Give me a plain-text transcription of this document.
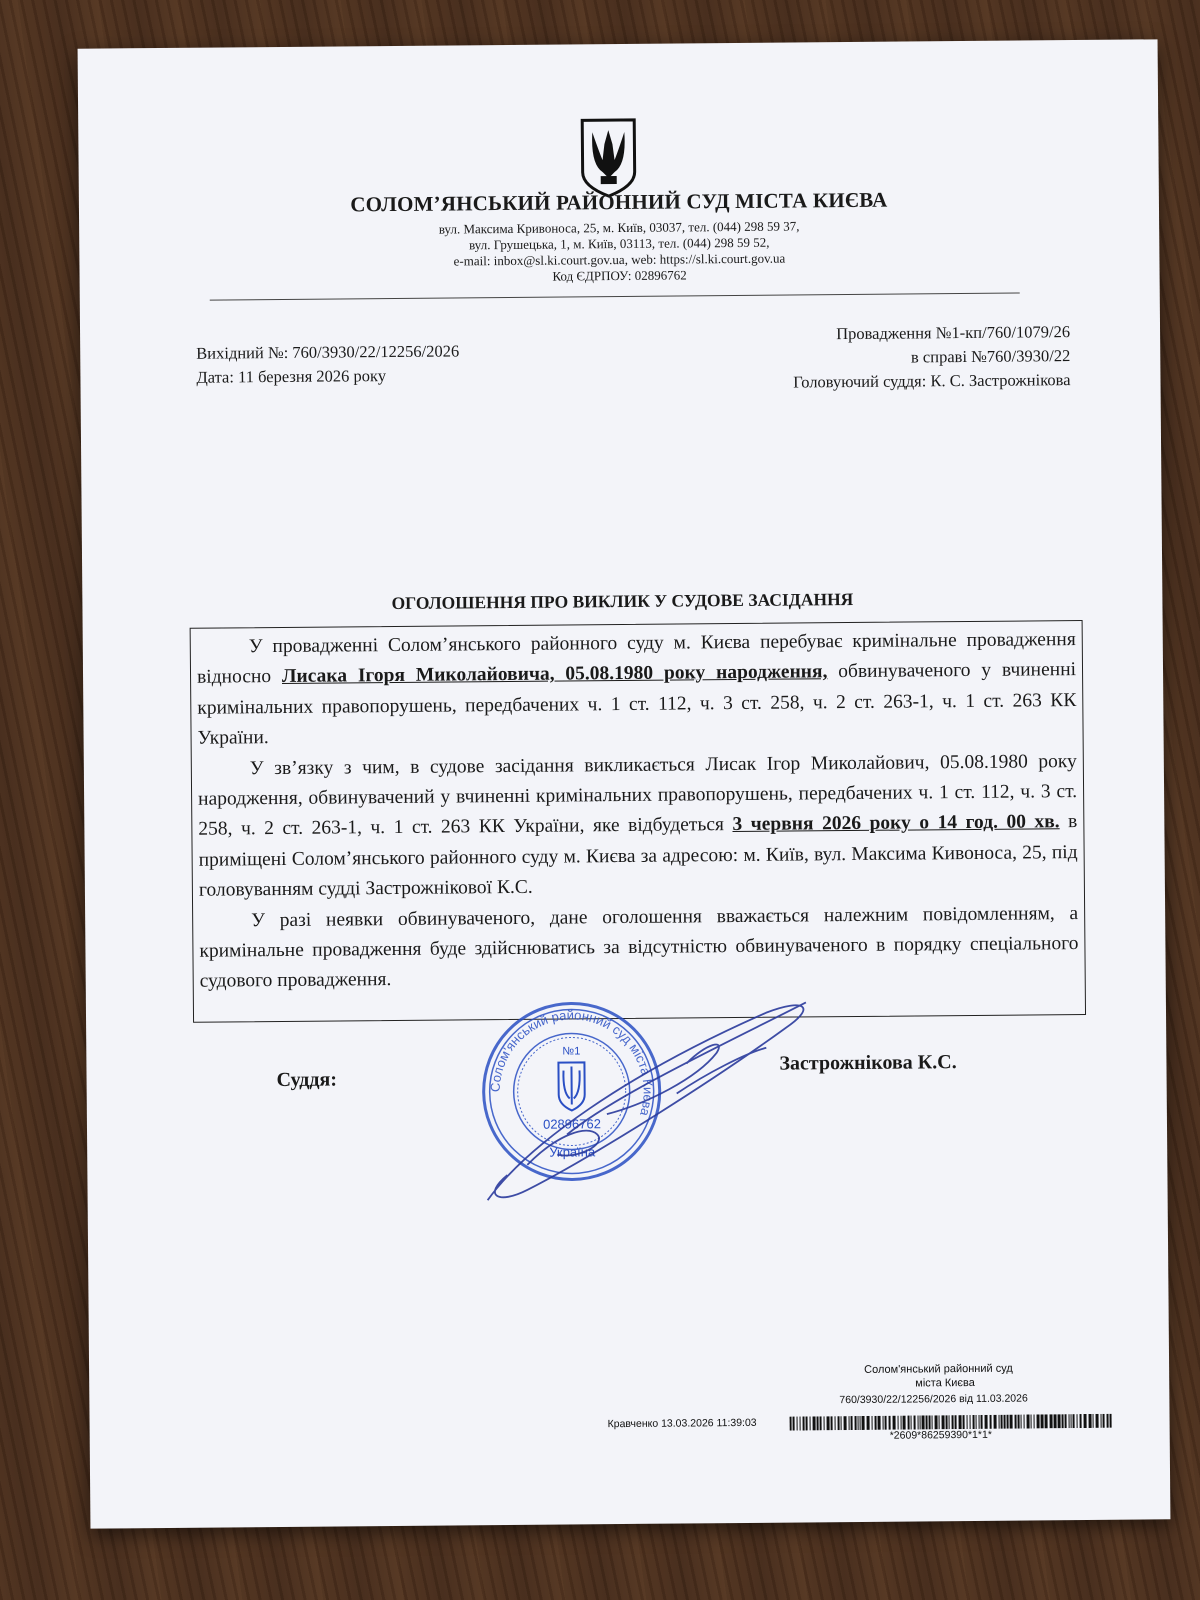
СОЛОМ’ЯНСЬКИЙ РАЙОННИЙ СУД МІСТА КИЄВА
вул. Максима Кривоноса, 25, м. Київ, 03037, тел. (044) 298 59 37,
вул. Грушецька, 1, м. Київ, 03113, тел. (044) 298 59 52,
e-mail: inbox@sl.ki.court.gov.ua, web: https://sl.ki.court.gov.ua
Код ЄДРПОУ: 02896762
Вихідний №: 760/3930/22/12256/2026
Дата: 11 березня 2026 року
Провадження №1-кп/760/1079/26
в справі №760/3930/22
Головуючий суддя: К. С. Застрожнікова
ОГОЛОШЕННЯ ПРО ВИКЛИК У СУДОВЕ ЗАСІДАННЯ

У провадженні Солом’янського районного суду м. Києва перебуває кримінальне провадження відносно Лисака Ігоря Миколайовича, 05.08.1980 року народження, обвинуваченого у вчиненні кримінальних правопорушень, передбачених ч. 1 ст. 112, ч. 3 ст. 258, ч. 2 ст. 263-1, ч. 1 ст. 263 КК України.

У зв’язку з чим, в судове засідання викликається Лисак Ігор Миколайович, 05.08.1980 року народження, обвинувачений у вчиненні кримінальних правопорушень, передбачених ч. 1 ст. 112, ч. 3 ст. 258, ч. 2 ст. 263-1, ч. 1 ст. 263 КК України, яке відбудеться 3 червня 2026 року о 14 год. 00 хв. в приміщені Солом’янського районного суду м. Києва за адресою: м. Київ, вул. Максима Кивоноса, 25, під головуванням судді Застрожнікової К.С.

У разі неявки обвинуваченого, дане оголошення вважається належним повідомленням, а кримінальне провадження буде здійснюватись за відсутністю обвинуваченого в порядку спеціального судового провадження.

Суддя:
Застрожнікова К.С.
Солом'янський районний суд міста Києва
№1
02896762
Україна
Солом'янський районний суд
міста Києва
760/3930/22/12256/2026 від 11.03.2026
Кравченко 13.03.2026 11:39:03
*2609*86259390*1*1*
